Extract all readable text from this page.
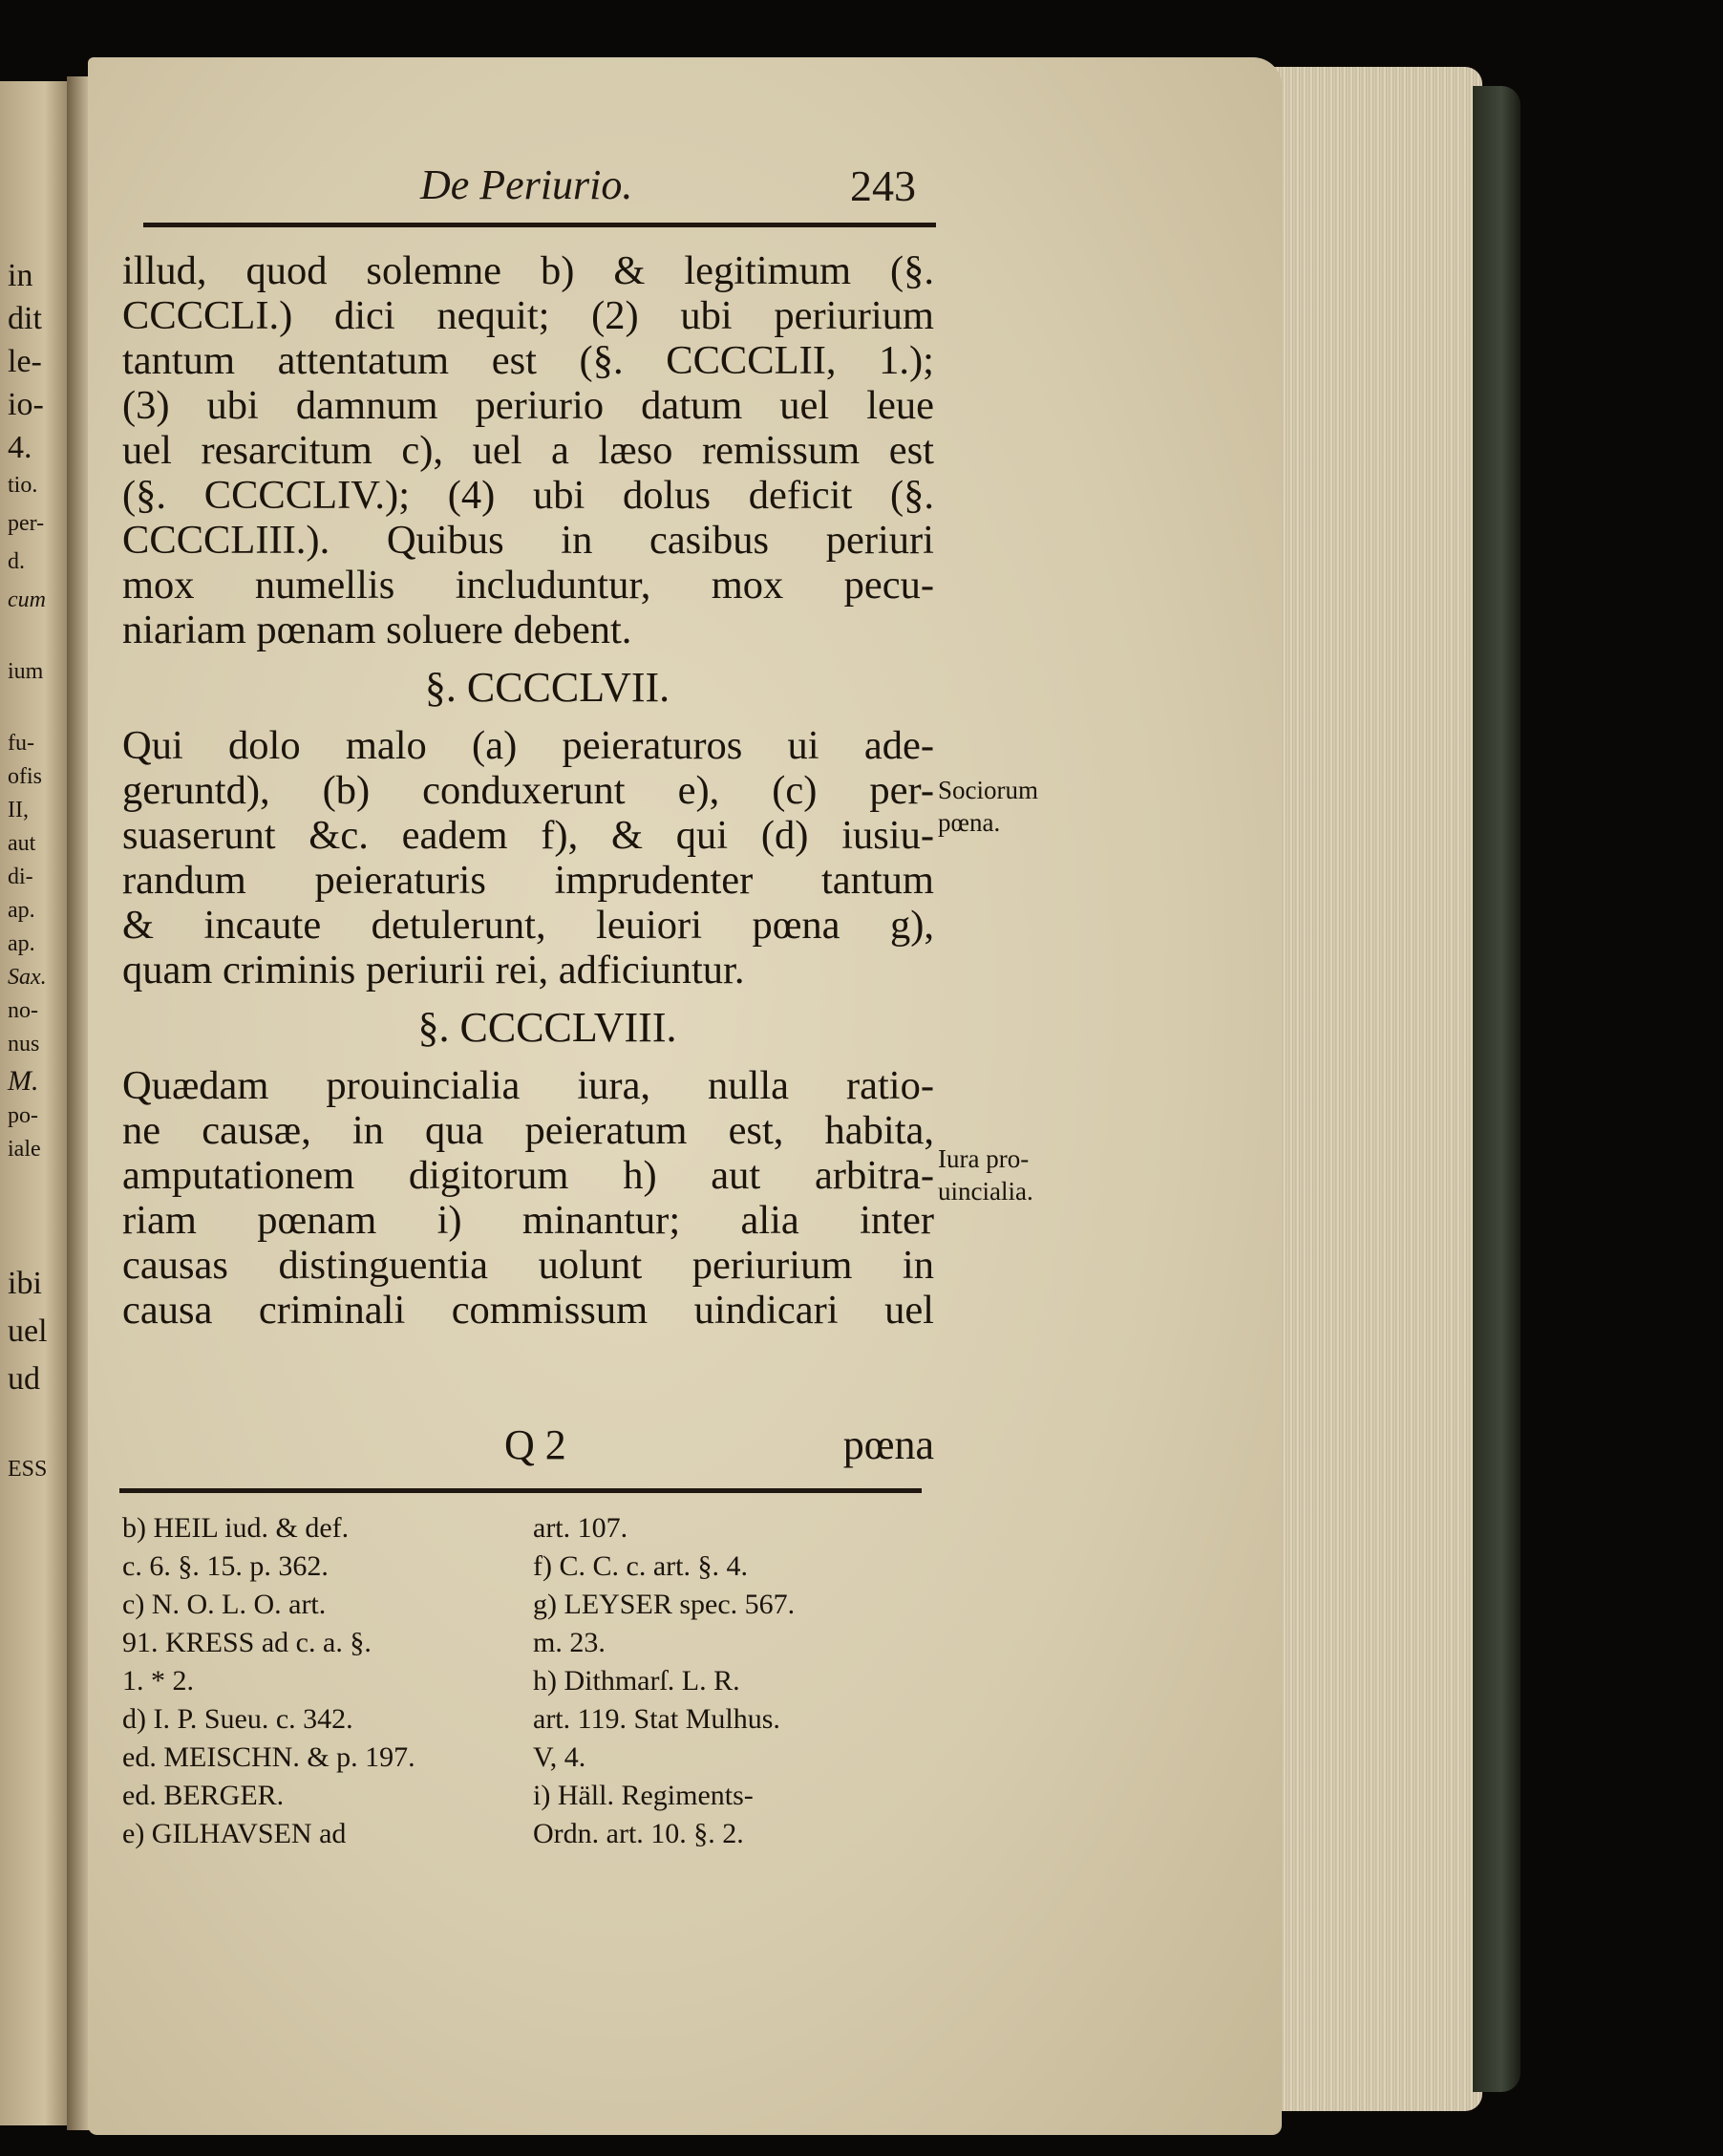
in
dit
le-
io-
4.
tio.
per-
d.
cum
ium
fu-
ofis
II,
aut
di-
ap.
ap.
Sax.
no-
nus
M.
po-
iale
ibi
uel
ud
ESS
De Periurio.	243
illud, quod solemne b) & legitimum (§.
CCCCLI.) dici nequit; (2) ubi periurium
tantum attentatum est (§. CCCCLII, 1.);
(3) ubi damnum periurio datum uel leue
uel resarcitum c), uel a læso remissum est
(§. CCCCLIV.); (4) ubi dolus deficit (§.
CCCCLIII.). Quibus in casibus periuri
mox numellis includuntur, mox pecu-
niariam pœnam soluere debent.
§. CCCCLVII.
Qui dolo malo (a) peieraturos ui ade-
geruntd), (b) conduxerunt e), (c) per-
suaserunt &c. eadem f), & qui (d) iusiu-
randum peieraturis imprudenter tantum
& incaute detulerunt, leuiori pœna g),
quam criminis periurii rei, adficiuntur.
§. CCCCLVIII.
Quædam prouincialia iura, nulla ratio-
ne causæ, in qua peieratum est, habita,
amputationem digitorum h) aut arbitra-
riam pœnam i) minantur; alia inter
causas distinguentia uolunt periurium in
causa criminali commissum uindicari uel
Sociorum
pœna.
Iura pro-
uincialia.
Q 2	pœna
b) HEIL iud. & def.
c. 6. §. 15. p. 362.
c) N. O. L. O. art.
91. KRESS ad c. a. §.
1. * 2.
d) I. P. Sueu. c. 342.
ed. MEISCHN. & p. 197.
ed. BERGER.
e) GILHAVSEN ad
art. 107.
f) C. C. c. art. §. 4.
g) LEYSER spec. 567.
m. 23.
h) Dithmarſ. L. R.
art. 119. Stat Mulhus.
V, 4.
i) Häll. Regiments-
Ordn. art. 10. §. 2.
